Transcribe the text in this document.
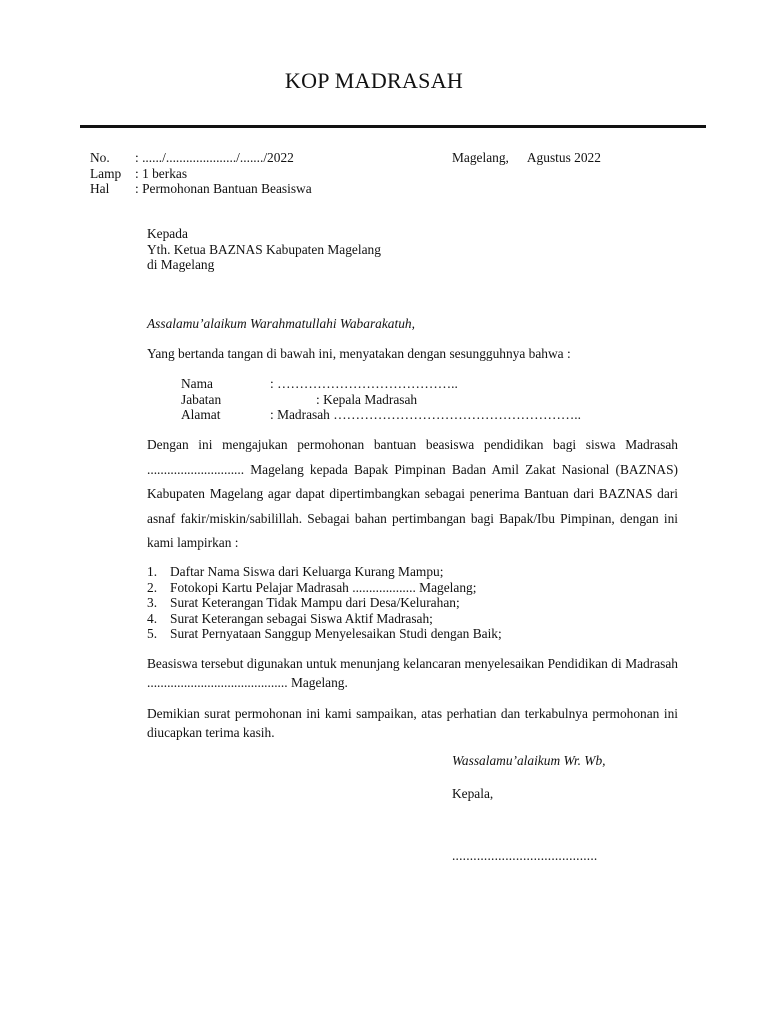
KOP MADRASAH
No. : ....../...................../......./2022
Lamp : 1 berkas
Hal : Permohonan Bantuan Beasiswa
Magelang, Agustus 2022
Kepada
Yth. Ketua BAZNAS Kabupaten Magelang
di Magelang
Assalamu’alaikum Warahmatullahi Wabarakatuh,
Yang bertanda tangan di bawah ini, menyatakan dengan sesungguhnya bahwa :
Nama	: …………………………………..
Jabatan	: Kepala Madrasah
Alamat	: Madrasah ………………………………………………..
Dengan ini mengajukan permohonan bantuan beasiswa pendidikan bagi siswa Madrasah ............................. Magelang kepada Bapak Pimpinan Badan Amil Zakat Nasional (BAZNAS) Kabupaten Magelang agar dapat dipertimbangkan sebagai penerima Bantuan dari BAZNAS dari asnaf fakir/miskin/sabilillah. Sebagai bahan pertimbangan bagi Bapak/Ibu Pimpinan, dengan ini kami lampirkan :
1. Daftar Nama Siswa dari Keluarga Kurang Mampu;
2. Fotokopi Kartu Pelajar Madrasah ................... Magelang;
3. Surat Keterangan Tidak Mampu dari Desa/Kelurahan;
4. Surat Keterangan sebagai Siswa Aktif Madrasah;
5. Surat Pernyataan Sanggup Menyelesaikan Studi dengan Baik;
Beasiswa tersebut digunakan untuk menunjang kelancaran menyelesaikan Pendidikan di Madrasah .......................................... Magelang.
Demikian surat permohonan ini kami sampaikan, atas perhatian dan terkabulnya permohonan ini diucapkan terima kasih.
Wassalamu’alaikum Wr. Wb,
Kepala,
.........................................
